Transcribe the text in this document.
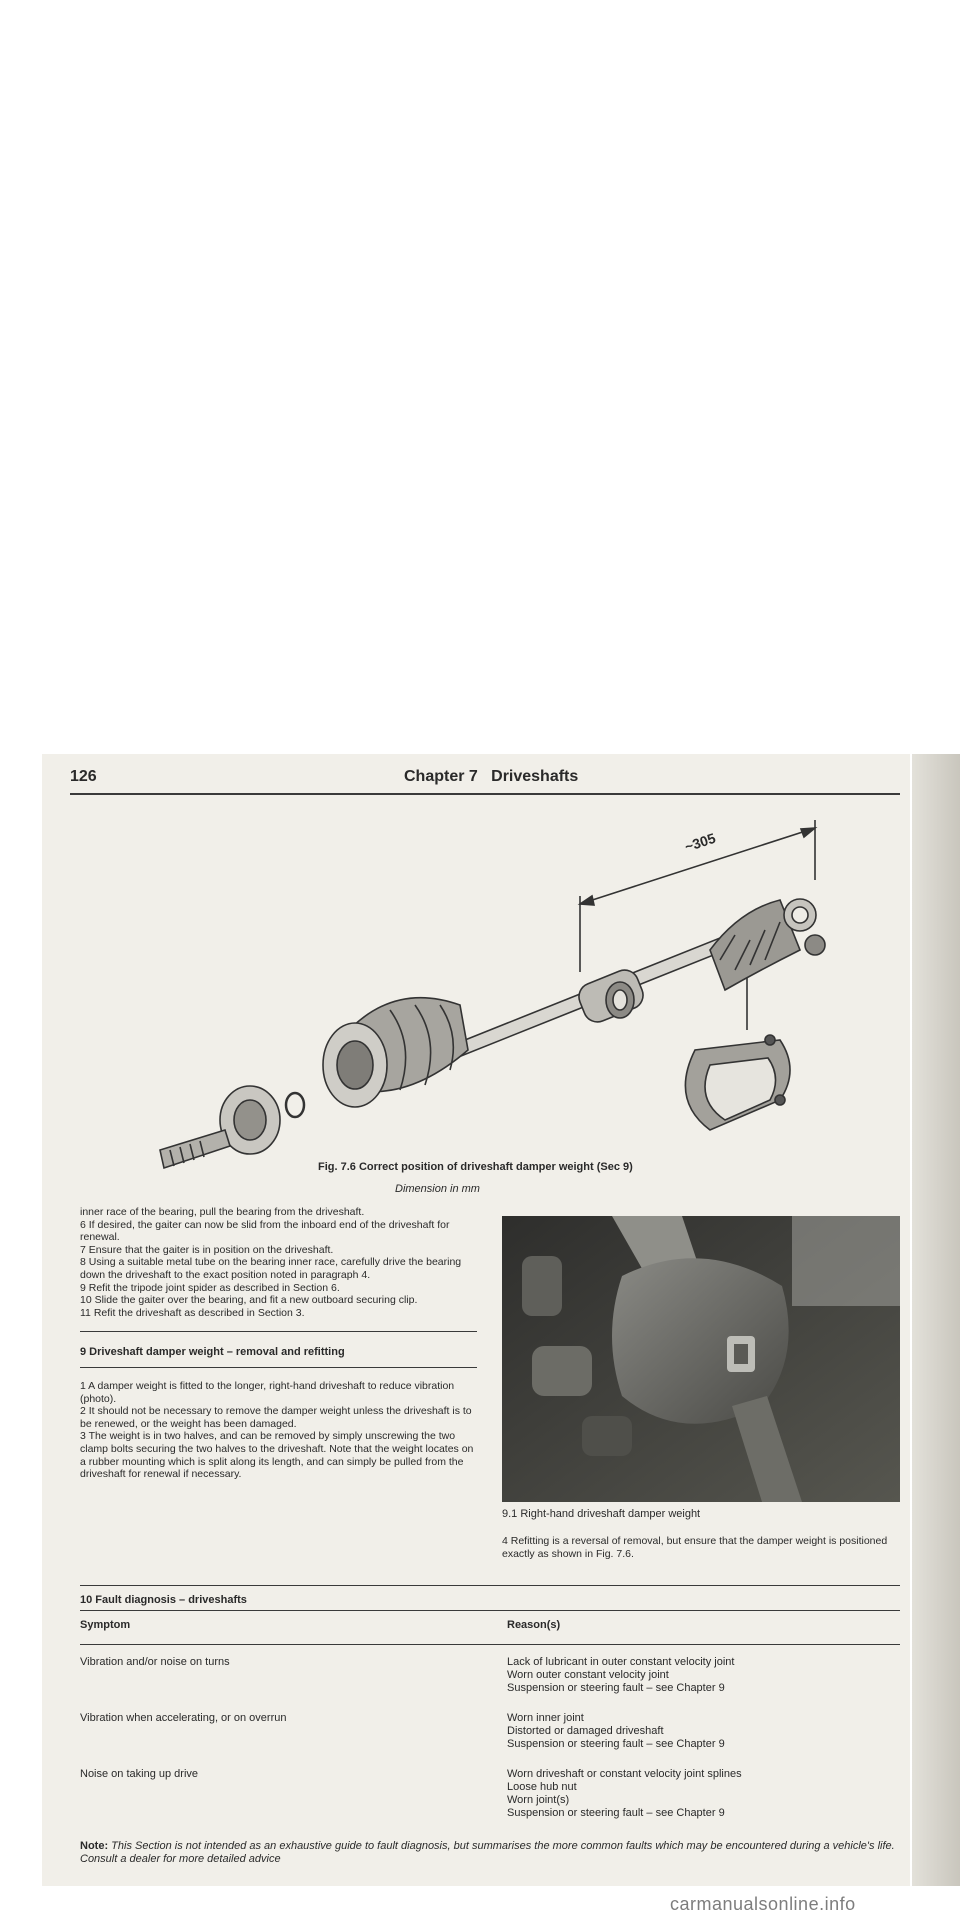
126	Chapter 7   Driveshafts
~305
Fig. 7.6 Correct position of driveshaft damper weight (Sec 9)
Dimension in mm

inner race of the bearing, pull the bearing from the driveshaft.

6 If desired, the gaiter can now be slid from the inboard end of the driveshaft for renewal.

7 Ensure that the gaiter is in position on the driveshaft.

8 Using a suitable metal tube on the bearing inner race, carefully drive the bearing down the driveshaft to the exact position noted in paragraph 4.

9 Refit the tripode joint spider as described in Section 6.

10 Slide the gaiter over the bearing, and fit a new outboard securing clip.

11 Refit the driveshaft as described in Section 3.

9 Driveshaft damper weight – removal and refitting

1 A damper weight is fitted to the longer, right-hand driveshaft to reduce vibration (photo).

2 It should not be necessary to remove the damper weight unless the driveshaft is to be renewed, or the weight has been damaged.

3 The weight is in two halves, and can be removed by simply unscrewing the two clamp bolts securing the two halves to the driveshaft. Note that the weight locates on a rubber mounting which is split along its length, and can simply be pulled from the driveshaft for renewal if necessary.

9.1 Right-hand driveshaft damper weight

4 Refitting is a reversal of removal, but ensure that the damper weight is positioned exactly as shown in Fig. 7.6.

10 Fault diagnosis – driveshafts
Symptom	Reason(s)
Vibration and/or noise on turns	Lack of lubricant in outer constant velocity joint
Worn outer constant velocity joint
Suspension or steering fault – see Chapter 9
Vibration when accelerating, or on overrun	Worn inner joint
Distorted or damaged driveshaft
Suspension or steering fault – see Chapter 9
Noise on taking up drive	Worn driveshaft or constant velocity joint splines
Loose hub nut
Worn joint(s)
Suspension or steering fault – see Chapter 9
Note: This Section is not intended as an exhaustive guide to fault diagnosis, but summarises the more common faults which may be encountered during a vehicle's life. Consult a dealer for more detailed advice
carmanualsonline.info
